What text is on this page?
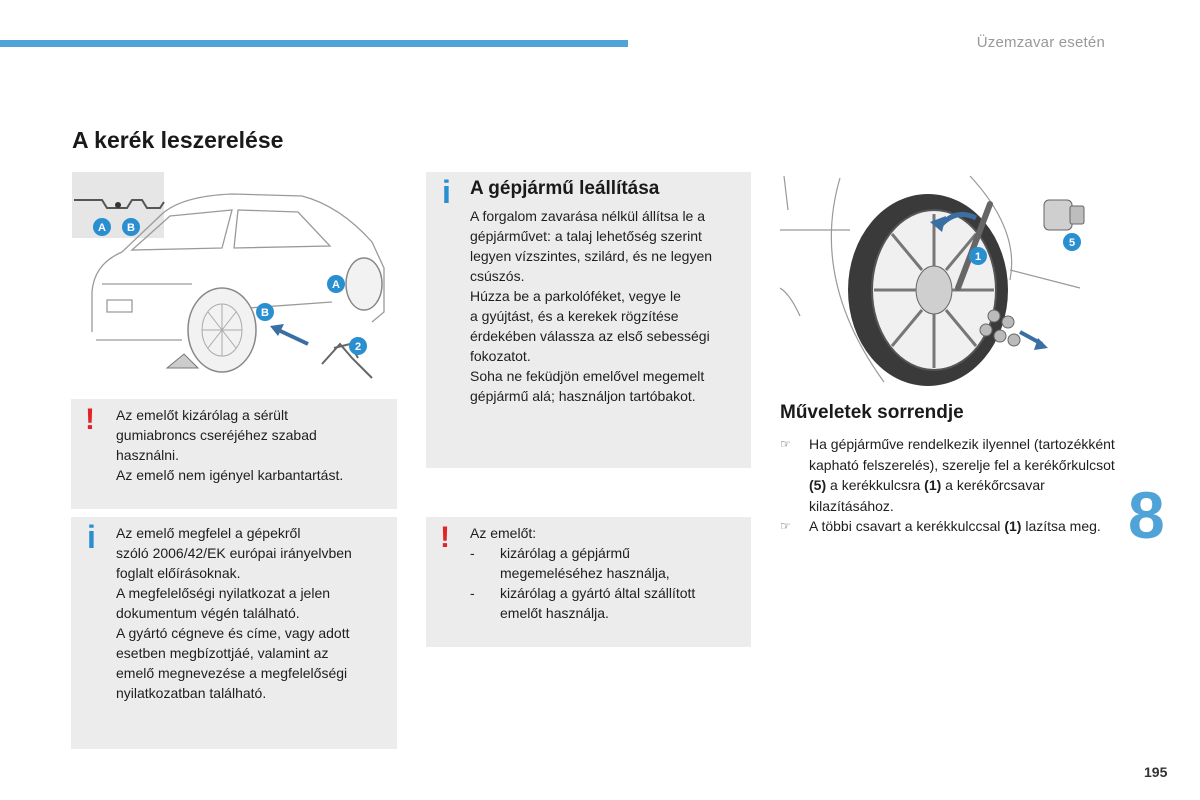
Üzemzavar esetén
A kerék leszerelése
A B
A
B
2
! Az emelőt kizárólag a sérült

gumiabroncs cseréjéhez szabad

használni.

Az emelő nem igényel karbantartást.

i Az emelő megfelel a gépekről

szóló 2006/42/EK európai irányelvben

foglalt előírásoknak.

A megfelelőségi nyilatkozat a jelen

dokumentum végén található.

A gyártó cégneve és címe, vagy adott

esetben megbízottjáé, valamint az

emelő megnevezése a megfelelőségi

nyilatkozatban található.

i A gépjármű leállítása

A forgalom zavarása nélkül állítsa le a

gépjárművet: a talaj lehetőség szerint

legyen vízszintes, szilárd, és ne legyen

csúszós.

Húzza be a parkolóféket, vegye le

a gyújtást, és a kerekek rögzítése

érdekében válassza az első sebességi

fokozatot.

Soha ne feküdjön emelővel megemelt

gépjármű alá; használjon tartóbakot.

! Az emelőt:

- kizárólag a gépjármű
megemeléséhez használja,
- kizárólag a gyártó által szállított
emelőt használja.
1
5
Műveletek sorrendje
☞ Ha gépjárműve rendelkezik ilyennel (tartozékként kapható felszerelés), szerelje fel a kerékőrkulcsot (5) a kerékkulcsra (1) a kerékőrcsavar kilazításához.
☞ A többi csavart a kerékkulccsal (1) lazítsa meg. 8
195
